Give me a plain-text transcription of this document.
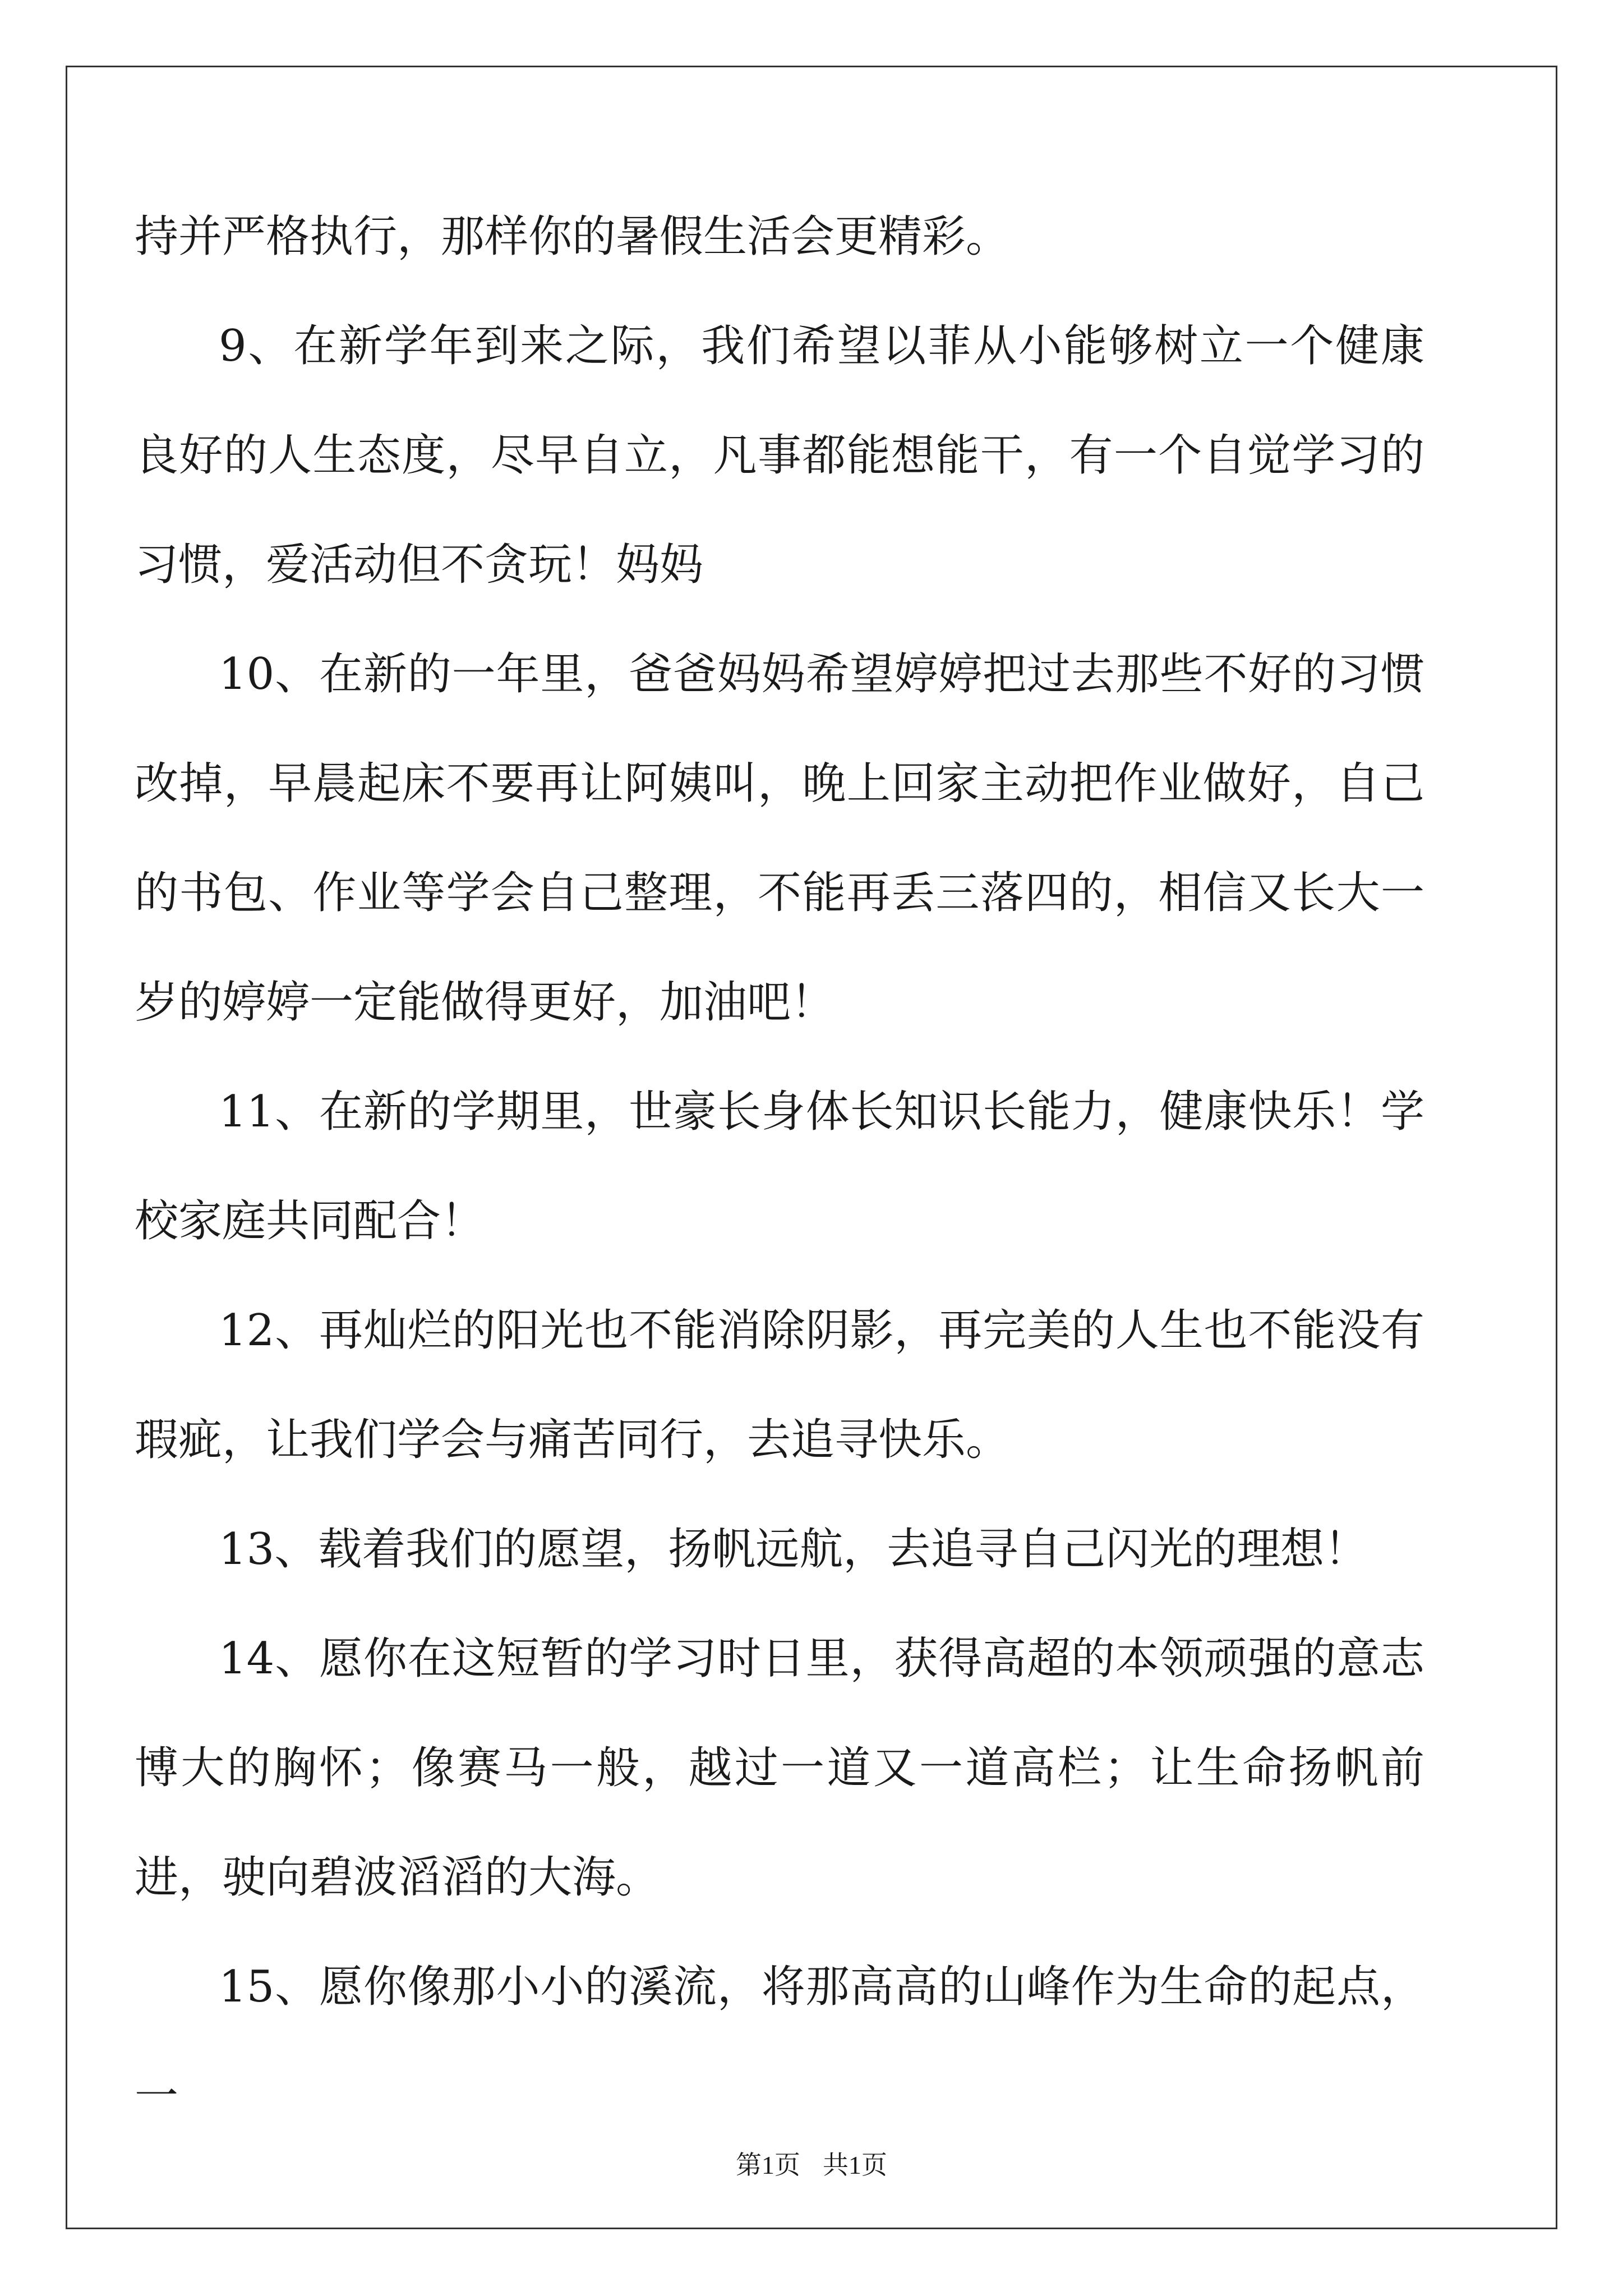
持并严格执行，那样你的暑假生活会更精彩。

9、在新学年到来之际，我们希望以菲从小能够树立一个健康良好的人生态度，尽早自立，凡事都能想能干，有一个自觉学习的习惯，爱活动但不贪玩！妈妈

10、在新的一年里，爸爸妈妈希望婷婷把过去那些不好的习惯改掉，早晨起床不要再让阿姨叫，晚上回家主动把作业做好，自己的书包、作业等学会自己整理，不能再丢三落四的，相信又长大一岁的婷婷一定能做得更好，加油吧！

11、在新的学期里，世豪长身体长知识长能力，健康快乐！学校家庭共同配合！

12、再灿烂的阳光也不能消除阴影，再完美的人生也不能没有瑕疵，让我们学会与痛苦同行，去追寻快乐。

13、载着我们的愿望，扬帆远航，去追寻自己闪光的理想！

14、愿你在这短暂的学习时日里，获得高超的本领顽强的意志博大的胸怀；像赛马一般，越过一道又一道高栏；让生命扬帆前进，驶向碧波滔滔的大海。

15、愿你像那小小的溪流，将那高高的山峰作为生命的起点，一

第1页 共1页
